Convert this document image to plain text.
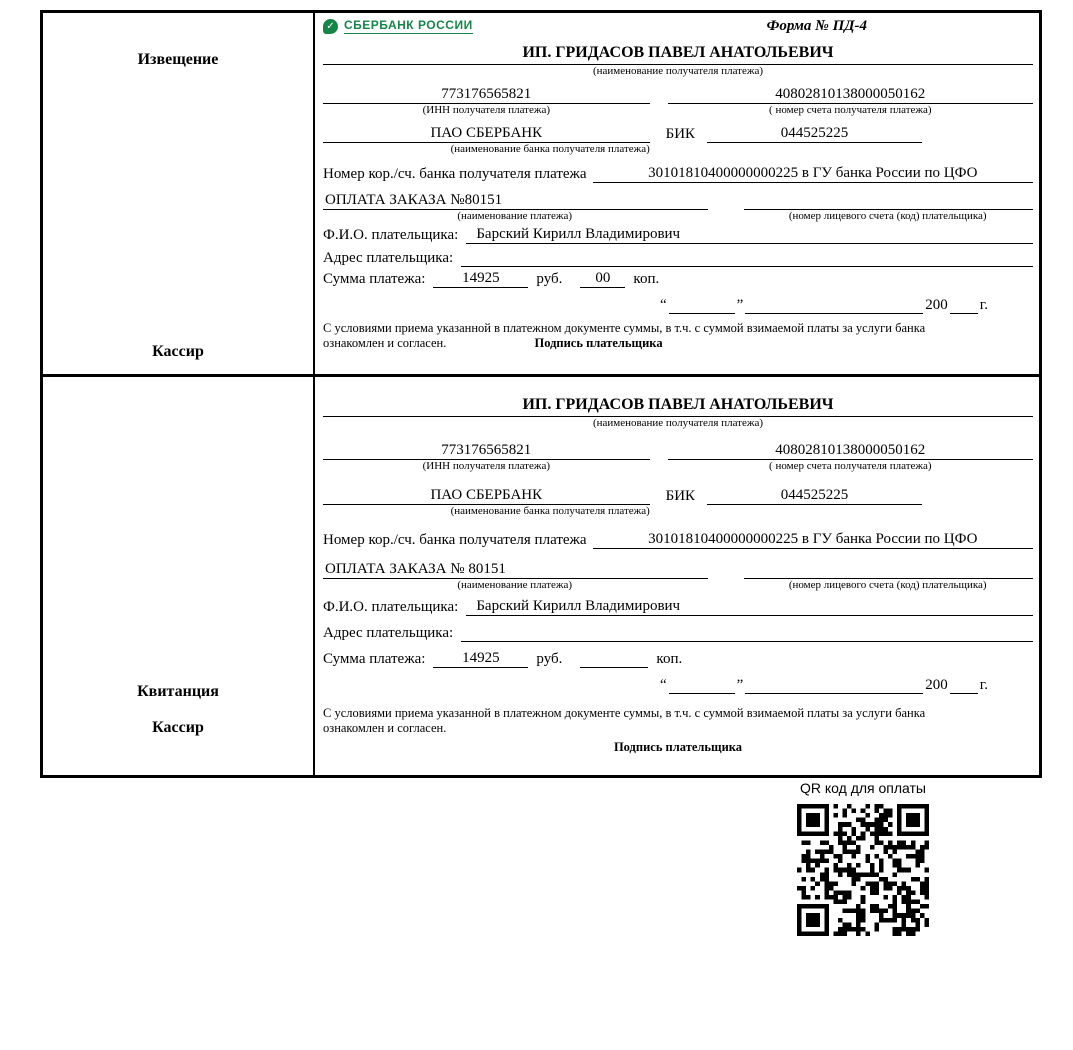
Извещение
Кассир
✓ СБЕРБАНК РОССИИ	Форма № ПД-4
ИП. ГРИДАСОВ ПАВЕЛ АНАТОЛЬЕВИЧ
(наименование получателя платежа)
773176565821	40802810138000050162
(ИНН получателя платежа)	( номер счета получателя платежа)
ПАО СБЕРБАНК	БИК	044525225
(наименование банка получателя платежа)
Номер кор./сч. банка получателя платежа	30101810400000000225 в ГУ банка России по ЦФО
ОПЛАТА ЗАКАЗА №80151
(наименование платежа)	(номер лицевого счета (код) плательщика)
Ф.И.О. плательщика:	Барский Кирилл Владимирович
Адрес плательщика:
Сумма платежа:	14925	руб.	00	коп.
“	”	200 г.
С условиями приема указанной в платежном документе суммы, в т.ч. с суммой взимаемой платы за услуги банка
ознакомлен и согласен.	Подпись плательщика
Квитанция
Кассир
ИП. ГРИДАСОВ ПАВЕЛ АНАТОЛЬЕВИЧ
(наименование получателя платежа)
773176565821	40802810138000050162
(ИНН получателя платежа)	( номер счета получателя платежа)
ПАО СБЕРБАНК	БИК	044525225
(наименование банка получателя платежа)
Номер кор./сч. банка получателя платежа	30101810400000000225 в ГУ банка России по ЦФО
ОПЛАТА ЗАКАЗА № 80151
(наименование платежа)	(номер лицевого счета (код) плательщика)
Ф.И.О. плательщика:	Барский Кирилл Владимирович
Адрес плательщика:
Сумма платежа:	14925	руб.	коп.
“	”	200 г.
С условиями приема указанной в платежном документе суммы, в т.ч. с суммой взимаемой платы за услуги банка
ознакомлен и согласен.
Подпись плательщика
QR код для оплаты
